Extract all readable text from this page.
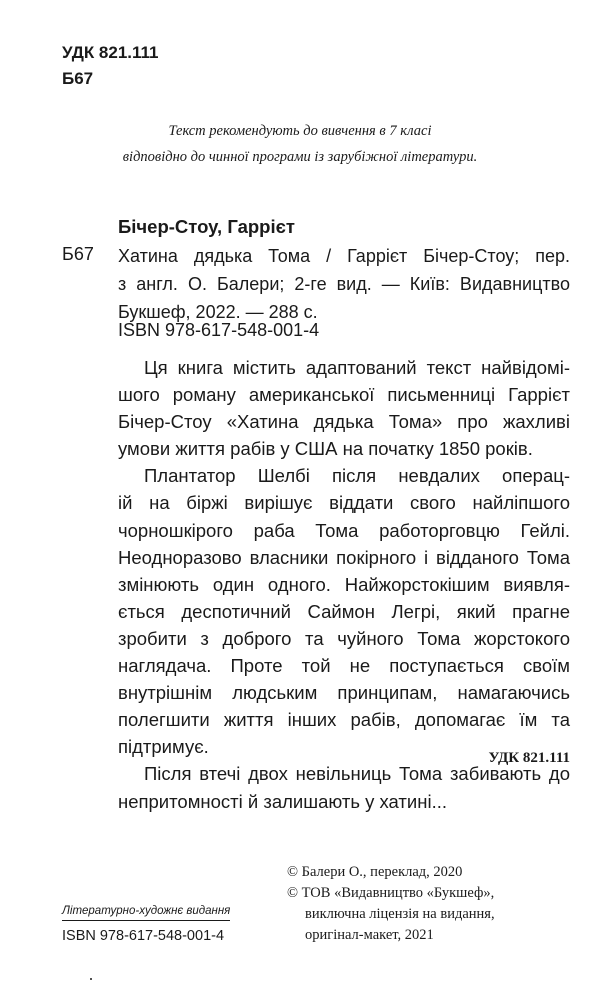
УДК 821.111
Б67
Текст рекомендують до вивчення в 7 класі
відповідно до чинної програми із зарубіжної літератури.
Бічер-Стоу, Гаррієт
Б67 Хатина дядька Тома / Гаррієт Бічер-Стоу; пер.
з англ. О. Балери; 2-ге вид. — Київ: Видавництво
Букшеф, 2022. — 288 с.
ISBN 978-617-548-001-4
Ця книга містить адаптований текст найвідомі-
шого роману американської письменниці Гаррієт
Бічер-Стоу «Хатина дядька Тома» про жахливі
умови життя рабів у США на початку 1850 років.
Плантатор Шелбі після невдалих операц-
ій на біржі вирішує віддати свого найліпшого
чорношкірого раба Тома работорговцю Гейлі.
Неодноразово власники покірного і відданого Тома
змінюють один одного. Найжорстокішим виявля-
ється деспотичний Саймон Легрі, який прагне
зробити з доброго та чуйного Тома жорстокого
наглядача. Проте той не поступається своїм
внутрішнім людським принципам, намагаючись
полегшити життя інших рабів, допомагає їм та
підтримує.
Після втечі двох невільниць Тома забивають до
непритомності й залишають у хатині...
УДК 821.111
© Балери О., переклад, 2020
© ТОВ «Видавництво «Букшеф»,
виключна ліцензія на видання,
оригінал-макет, 2021
Літературно-художнє видання
ISBN 978-617-548-001-4
